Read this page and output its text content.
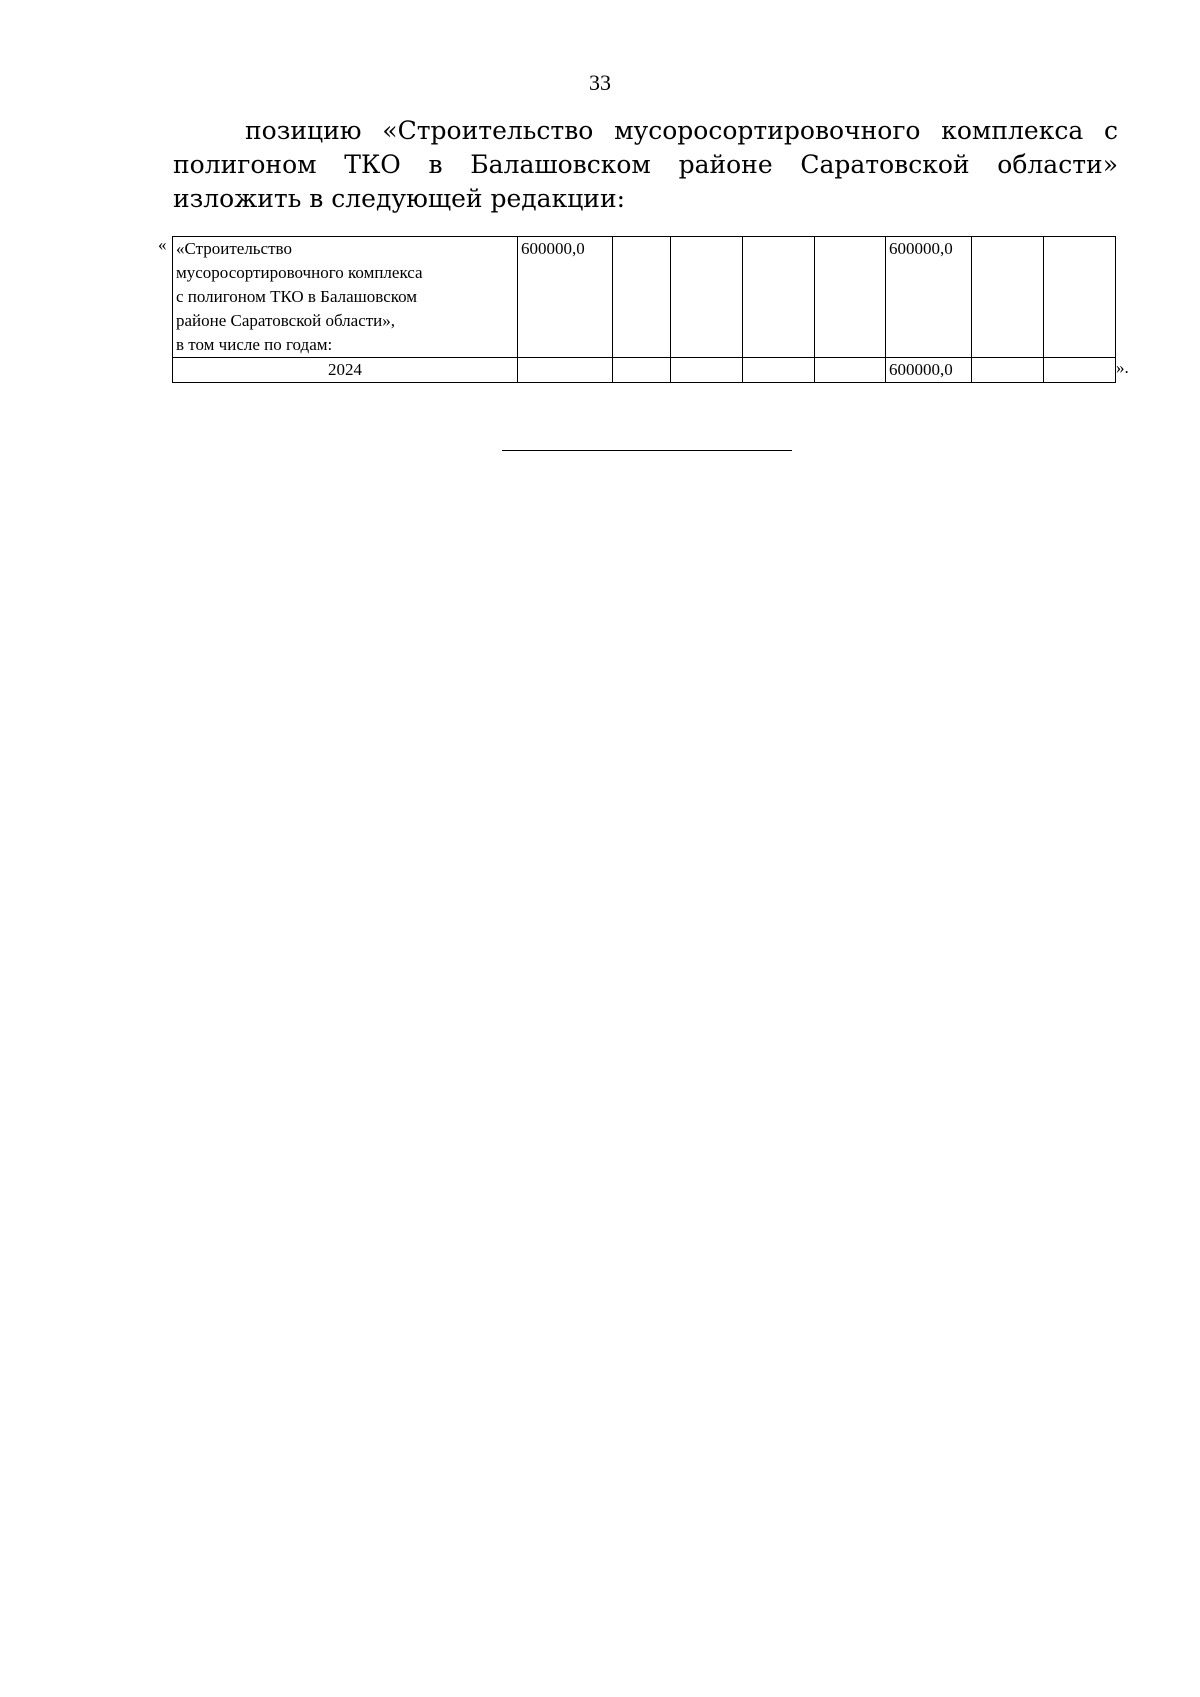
33

позицию «Строительство мусоросортировочного комплекса с полигоном ТКО в Балашовском районе Саратовской области» изложить в следующей редакции:

« «Строительство
мусоросортировочного комплекса
с полигоном ТКО в Балашовском
районе Саратовской области»,
в том числе по годам:	600000,0					600000,0		
2024						600000,0			».
